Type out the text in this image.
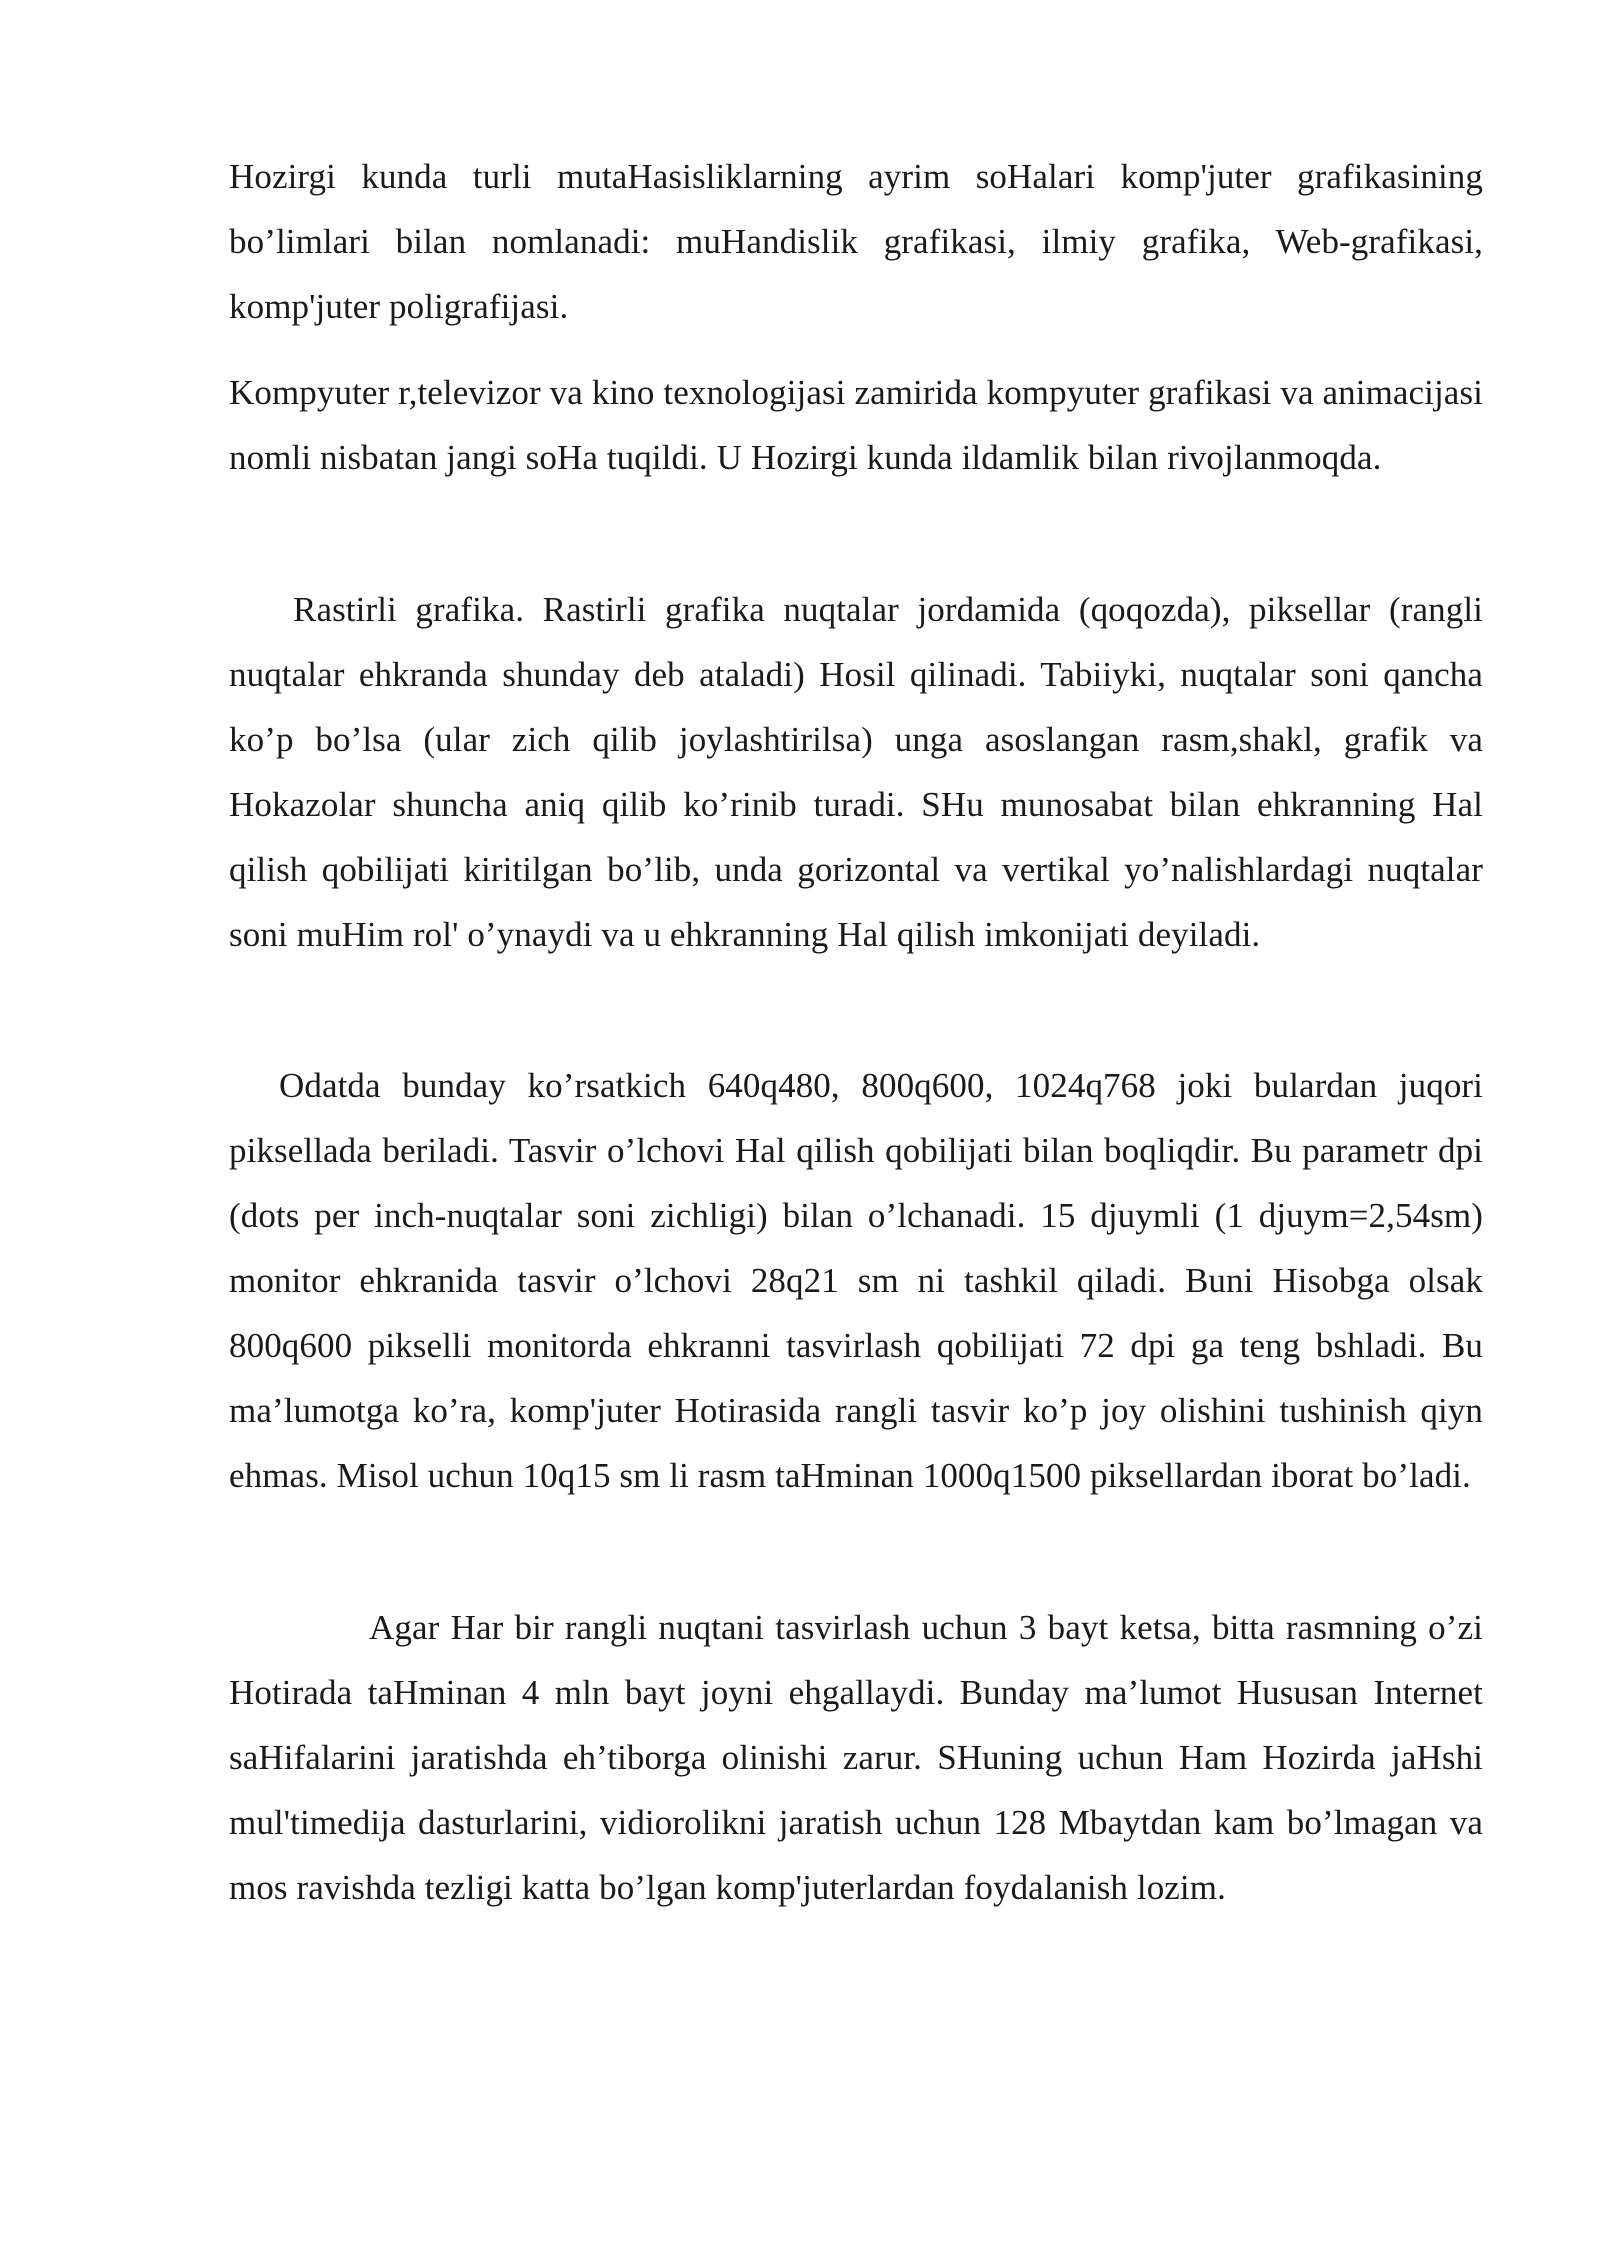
Hozirgi kunda turli mutaHasisliklarning ayrim soHalari komp'juter grafikasining bo’limlari bilan nomlanadi: muHandislik grafikasi, ilmiy grafika, Web-grafikasi, komp'juter poligrafijasi.

Kompyuter r,televizor va kino texnologijasi zamirida kompyuter grafikasi va animacijasi nomli nisbatan jangi soHa tuqildi. U Hozirgi kunda ildamlik bilan rivojlanmoqda.

Rastirli grafika. Rastirli grafika nuqtalar jordamida (qoqozda), piksellar (rangli nuqtalar ehkranda shunday deb ataladi) Hosil qilinadi. Tabiiyki, nuqtalar soni qancha ko’p bo’lsa (ular zich qilib joylashtirilsa) unga asoslangan rasm,shakl, grafik va Hokazolar shuncha aniq qilib ko’rinib turadi. SHu munosabat bilan ehkranning Hal qilish qobilijati kiritilgan bo’lib, unda gorizontal va vertikal yo’nalishlardagi nuqtalar soni muHim rol' o’ynaydi va u ehkranning Hal qilish imkonijati deyiladi.

Odatda bunday ko’rsatkich 640q480, 800q600, 1024q768 joki bulardan juqori piksellada beriladi. Tasvir o’lchovi Hal qilish qobilijati bilan boqliqdir. Bu parametr dpi (dots per inch-nuqtalar soni zichligi) bilan o’lchanadi. 15 djuymli (1 djuym=2,54sm) monitor ehkranida tasvir o’lchovi 28q21 sm ni tashkil qiladi. Buni Hisobga olsak 800q600 pikselli monitorda ehkranni tasvirlash qobilijati 72 dpi ga teng bshladi. Bu ma’lumotga ko’ra, komp'juter Hotirasida rangli tasvir ko’p joy olishini tushinish qiyn ehmas. Misol uchun 10q15 sm li rasm taHminan 1000q1500 piksellardan iborat bo’ladi.

Agar Har bir rangli nuqtani tasvirlash uchun 3 bayt ketsa, bitta rasmning o’zi Hotirada taHminan 4 mln bayt joyni ehgallaydi. Bunday ma’lumot Hususan Internet saHifalarini jaratishda eh’tiborga olinishi zarur. SHuning uchun Ham Hozirda jaHshi mul'timedija dasturlarini, vidiorolikni jaratish uchun 128 Mbaytdan kam bo’lmagan va mos ravishda tezligi katta bo’lgan komp'juterlardan foydalanish lozim.
